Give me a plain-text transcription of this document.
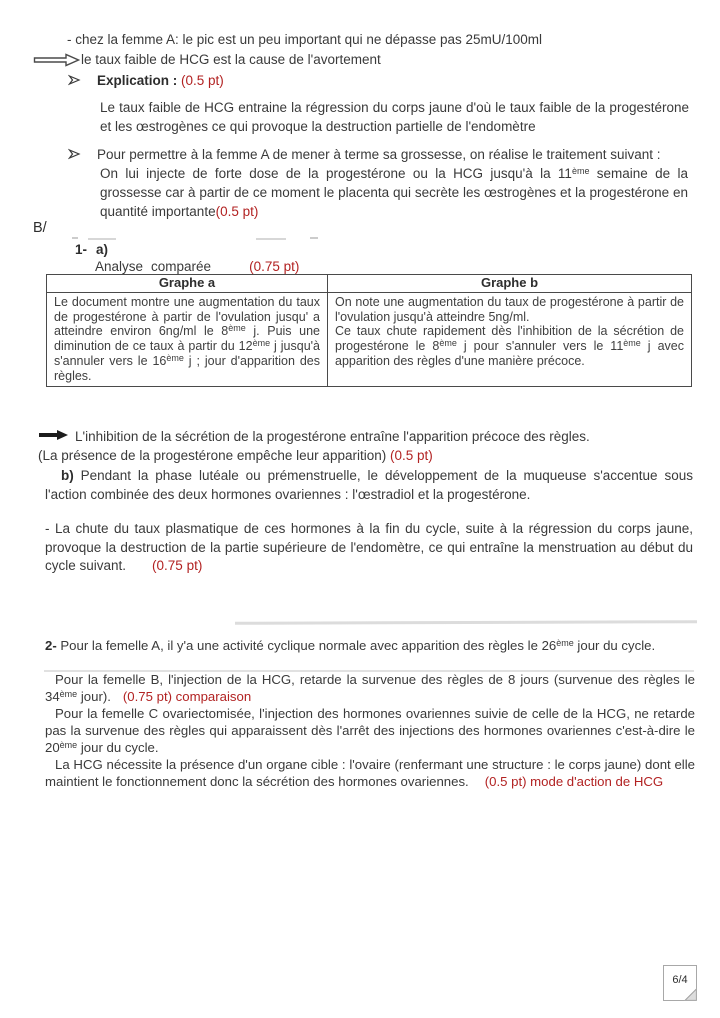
- chez la femme A: le pic est un peu important qui ne dépasse pas 25mU/100ml
le taux faible de HCG est la cause de l'avortement
Explication : (0.5 pt)
Le taux faible de HCG entraine la régression du corps jaune d'où le taux faible de la progestérone et les œstrogènes ce qui provoque la destruction partielle de l'endomètre
Pour permettre à la femme A de mener à terme sa grossesse, on réalise le traitement suivant :
On lui injecte de forte dose de la progestérone ou la HCG jusqu'à la 11ème semaine de la grossesse car à partir de ce moment le placenta qui secrète les œstrogènes et la progestérone en quantité importante(0.5 pt)
B/
1- a)
Analyse comparée	(0.75 pt)
Graphe a	Graphe b
Le document montre une augmentation du taux de progestérone à partir de l'ovulation jusqu' a atteindre environ 6ng/ml le 8ème j. Puis une diminution de ce taux à partir du 12ème j jusqu'à s'annuler vers le 16ème j ; jour d'apparition des règles.	On note une augmentation du taux de progestérone à partir de l'ovulation jusqu'à atteindre 5ng/ml.
Ce taux chute rapidement dès l'inhibition de la sécrétion de progestérone le 8ème j pour s'annuler vers le 11ème j avec apparition des règles d'une manière précoce.
L'inhibition de la sécrétion de la progestérone entraîne l'apparition précoce des règles.
(La présence de la progestérone empêche leur apparition) (0.5 pt)
b) Pendant la phase lutéale ou prémenstruelle, le développement de la muqueuse s'accentue sous l'action combinée des deux hormones ovariennes : l'œstradiol et la progestérone.
- La chute du taux plasmatique de ces hormones à la fin du cycle, suite à la régression du corps jaune, provoque la destruction de la partie supérieure de l'endomètre, ce qui entraîne la menstruation au début du cycle suivant. (0.75 pt)
2- Pour la femelle A, il y'a une activité cyclique normale avec apparition des règles le 26ème jour du cycle.
Pour la femelle B, l'injection de la HCG, retarde la survenue des règles de 8 jours (survenue des règles le 34ème jour). (0.75 pt) comparaison
Pour la femelle C ovariectomisée, l'injection des hormones ovariennes suivie de celle de la HCG, ne retarde pas la survenue des règles qui apparaissent dès l'arrêt des injections des hormones ovariennes c'est-à-dire le 20ème jour du cycle.
La HCG nécessite la présence d'un organe cible : l'ovaire (renfermant une structure : le corps jaune) dont elle maintient le fonctionnement donc la sécrétion des hormones ovariennes. (0.5 pt) mode d'action de HCG
6/4
